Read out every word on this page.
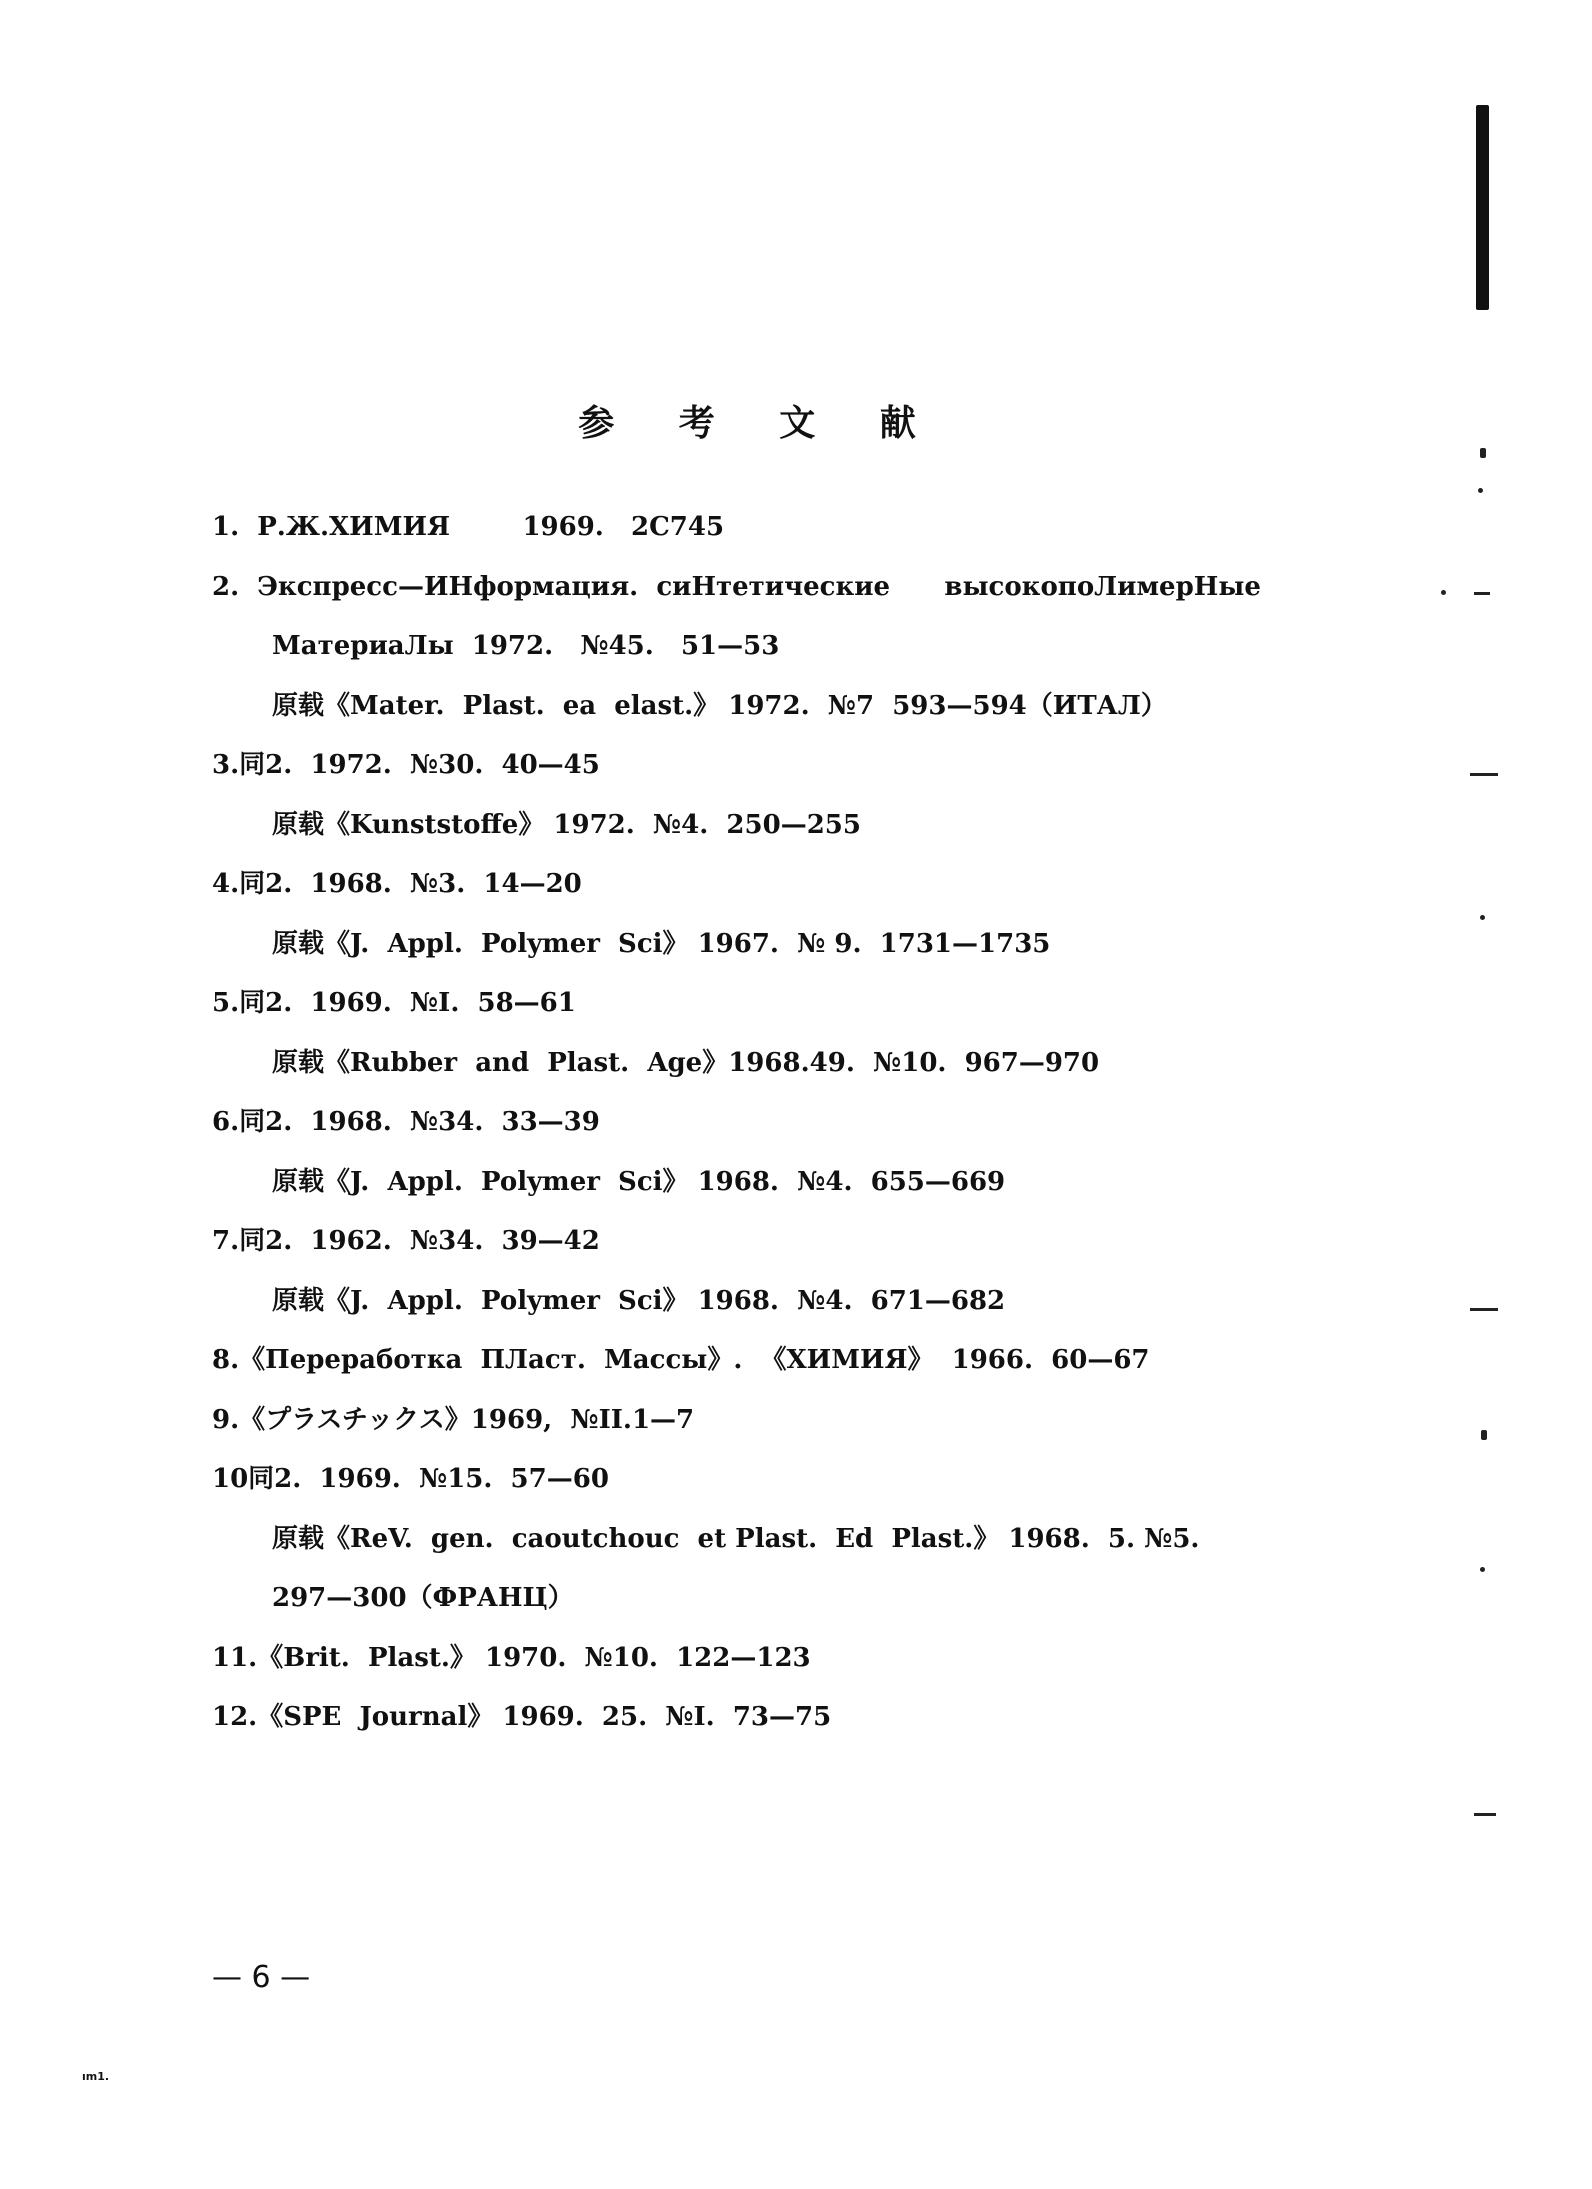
参 考 文 献
1.  Р.Ж.ХИМИЯ        1969.   2С745
2.  Экспресс—ИНформация.  сиНтетические      высокопоЛимерНые
МатериаЛы  1972.   №45.   51—53
原载《Mater.  Plast.  ea  elast.》 1972.  №7  593—594（ИТАЛ）
3.同2.  1972.  №30.  40—45
原载《Kunststoffe》 1972.  №4.  250—255
4.同2.  1968.  №3.  14—20
原载《J.  Appl.  Polymer  Sci》 1967.  № 9.  1731—1735
5.同2.  1969.  №I.  58—61
原载《Rubber  and  Plast.  Age》1968.49.  №10.  967—970
6.同2.  1968.  №34.  33—39
原载《J.  Appl.  Polymer  Sci》 1968.  №4.  655—669
7.同2.  1962.  №34.  39—42
原载《J.  Appl.  Polymer  Sci》 1968.  №4.  671—682
8.《Переработка  ПЛаст.  Массы》.  《ХИМИЯ》  1966.  60—67
9.《プラスチックス》1969,  №II.1—7
10同2.  1969.  №15.  57—60
原载《ReV.  gen.  caoutchouc  et Plast.  Ed  Plast.》 1968.  5. №5.
297—300（ФРАНЦ）
11.《Brit.  Plast.》 1970.  №10.  122—123
12.《SPE  Journal》 1969.  25.  №I.  73—75
— 6 —
ım1.
